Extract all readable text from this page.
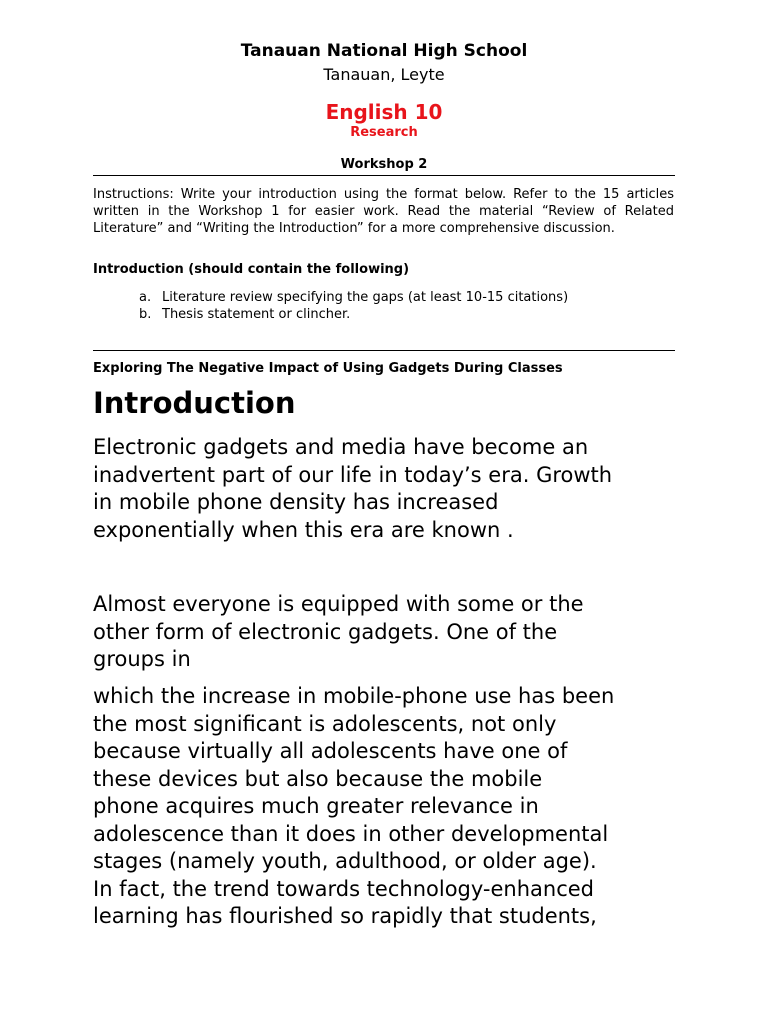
Tanauan National High School
Tanauan, Leyte
English 10
Research
Workshop 2
Instructions: Write your introduction using the format below. Refer to the 15 articles written in the Workshop 1 for easier work. Read the material “Review of Related Literature” and “Writing the Introduction” for a more comprehensive discussion.
Introduction (should contain the following)
a. Literature review specifying the gaps (at least 10-15 citations)
b. Thesis statement or clincher.
Exploring The Negative Impact of Using Gadgets During Classes
Introduction
Electronic gadgets and media have become an
inadvertent part of our life in today’s era. Growth
in mobile phone density has increased
exponentially when this era are known .
Almost everyone is equipped with some or the
other form of electronic gadgets. One of the
groups in
which the increase in mobile-phone use has been
the most significant is adolescents, not only
because virtually all adolescents have one of
these devices but also because the mobile
phone acquires much greater relevance in
adolescence than it does in other developmental
stages (namely youth, adulthood, or older age).
In fact, the trend towards technology-enhanced
learning has flourished so rapidly that students,
